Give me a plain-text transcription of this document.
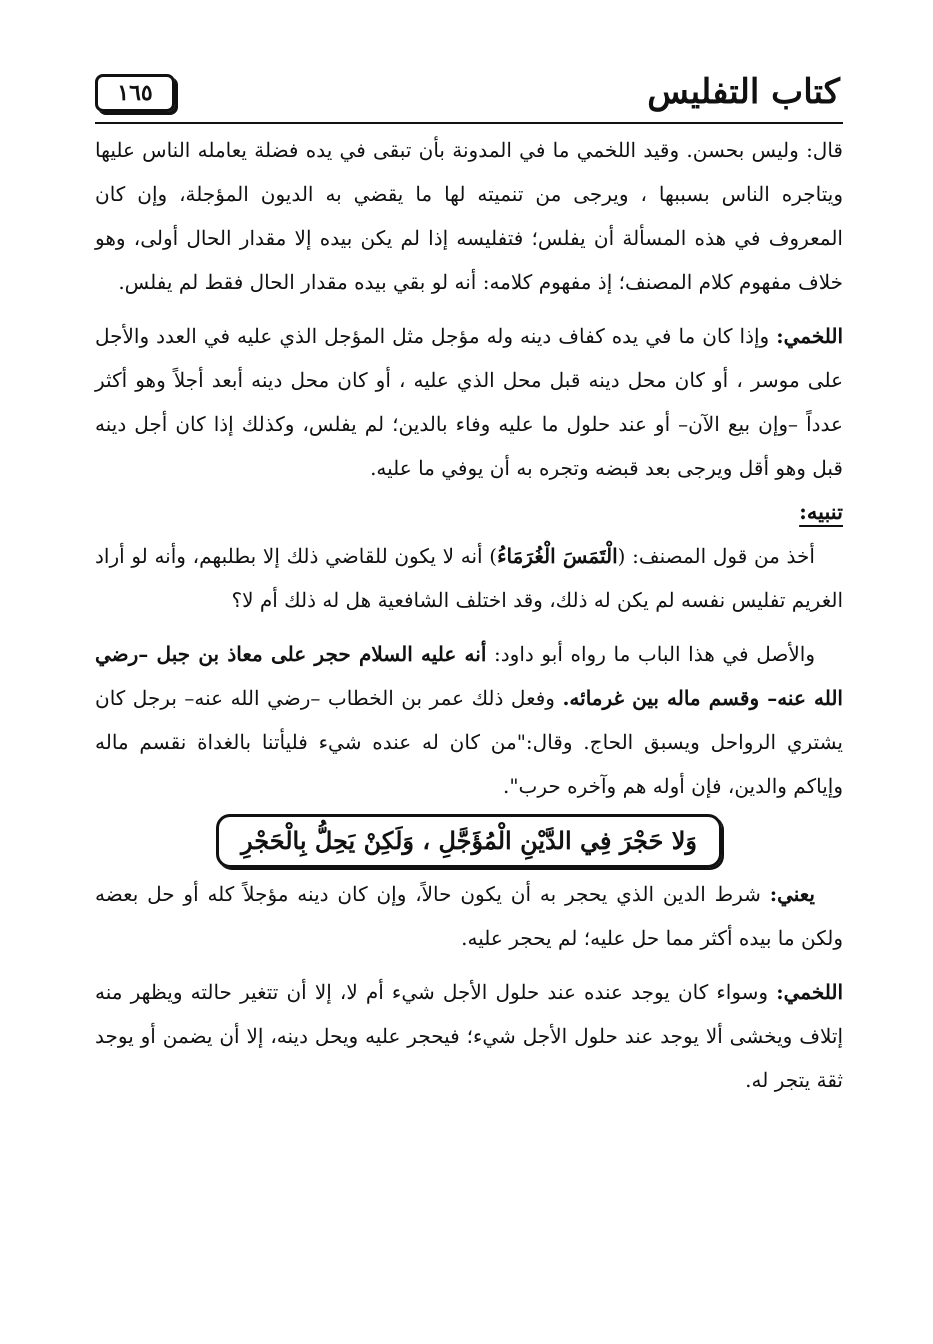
كتاب التفليس
١٦٥

قال: وليس بحسن. وقيد اللخمي ما في المدونة بأن تبقى في يده فضلة يعامله الناس عليها ويتاجره الناس بسببها ، ويرجى من تنميته لها ما يقضي به الديون المؤجلة، وإن كان المعروف في هذه المسألة أن يفلس؛ فتفليسه إذا لم يكن بيده إلا مقدار الحال أولى، وهو خلاف مفهوم كلام المصنف؛ إذ مفهوم كلامه: أنه لو بقي بيده مقدار الحال فقط لم يفلس.

اللخمي: وإذا كان ما في يده كفاف دينه وله مؤجل مثل المؤجل الذي عليه في العدد والأجل على موسر ، أو كان محل دينه قبل محل الذي عليه ، أو كان محل دينه أبعد أجلاً وهو أكثر عدداً –وإن بيع الآن– أو عند حلول ما عليه وفاء بالدين؛ لم يفلس، وكذلك إذا كان أجل دينه قبل وهو أقل ويرجى بعد قبضه وتجره به أن يوفي ما عليه.

تنبيه:

أخذ من قول المصنف: (الْتَمَسَ الْغُرَمَاءُ) أنه لا يكون للقاضي ذلك إلا بطلبهم، وأنه لو أراد الغريم تفليس نفسه لم يكن له ذلك، وقد اختلف الشافعية هل له ذلك أم لا؟

والأصل في هذا الباب ما رواه أبو داود: أنه عليه السلام حجر على معاذ بن جبل –رضي الله عنه– وقسم ماله بين غرمائه. وفعل ذلك عمر بن الخطاب –رضي الله عنه– برجل كان يشتري الرواحل ويسبق الحاج. وقال:"من كان له عنده شيء فليأتنا بالغداة نقسم ماله وإياكم والدين، فإن أوله هم وآخره حرب".

وَلا حَجْرَ فِي الدَّيْنِ الْمُؤَجَّلِ ، وَلَكِنْ يَحِلُّ بِالْحَجْرِ

يعني: شرط الدين الذي يحجر به أن يكون حالاً، وإن كان دينه مؤجلاً كله أو حل بعضه ولكن ما بيده أكثر مما حل عليه؛ لم يحجر عليه.

اللخمي: وسواء كان يوجد عنده عند حلول الأجل شيء أم لا، إلا أن تتغير حالته ويظهر منه إتلاف ويخشى ألا يوجد عند حلول الأجل شيء؛ فيحجر عليه ويحل دينه، إلا أن يضمن أو يوجد ثقة يتجر له.
